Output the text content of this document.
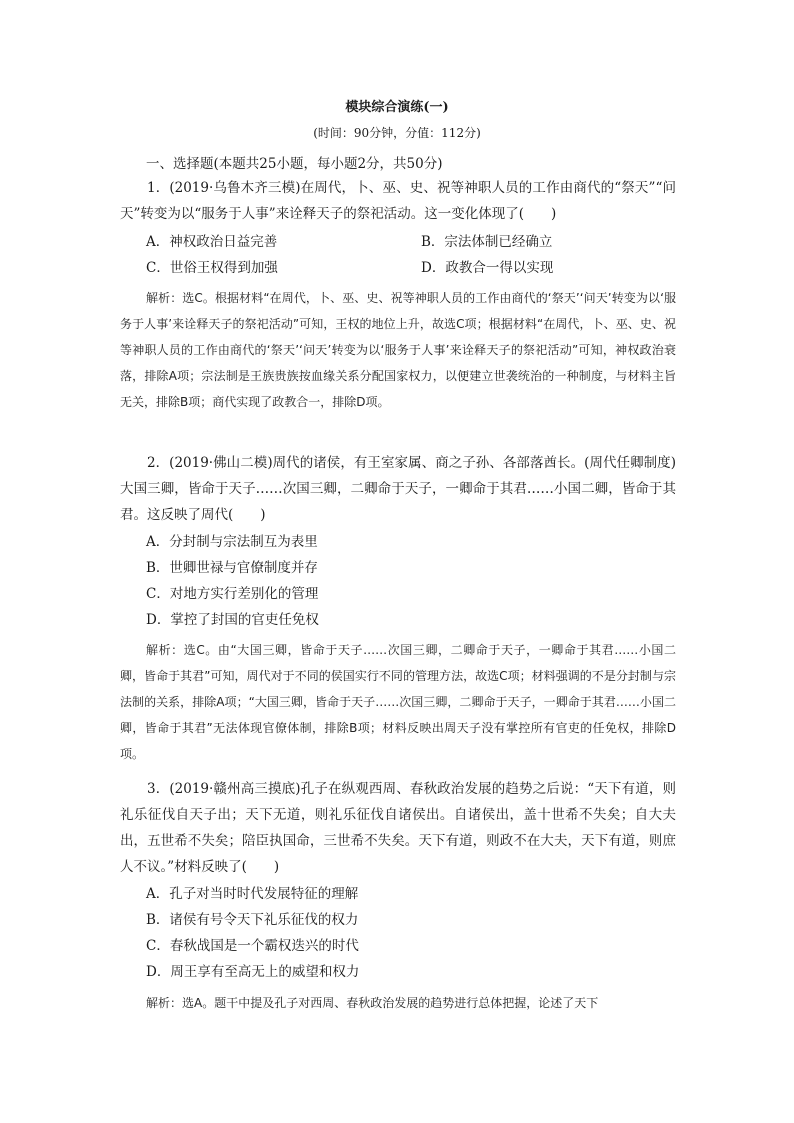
模块综合演练(一)
(时间：90分钟，分值：112分)
一、选择题(本题共25小题，每小题2分，共50分)
1．(2019·乌鲁木齐三模)在周代，卜、巫、史、祝等神职人员的工作由商代的“祭天”“问天”转变为以“服务于人事”来诠释天子的祭祀活动。这一变化体现了(　　)
A．神权政治日益完善	B．宗法体制已经确立
C．世俗王权得到加强	D．政教合一得以实现
解析：选C。根据材料“在周代，卜、巫、史、祝等神职人员的工作由商代的‘祭天’‘问天’转变为以‘服务于人事’来诠释天子的祭祀活动”可知，王权的地位上升，故选C项；根据材料“在周代，卜、巫、史、祝等神职人员的工作由商代的‘祭天’‘问天’转变为以‘服务于人事’来诠释天子的祭祀活动”可知，神权政治衰落，排除A项；宗法制是王族贵族按血缘关系分配国家权力，以便建立世袭统治的一种制度，与材料主旨无关，排除B项；商代实现了政教合一，排除D项。
2．(2019·佛山二模)周代的诸侯，有王室家属、商之子孙、各部落酋长。(周代任卿制度)大国三卿，皆命于天子……次国三卿，二卿命于天子，一卿命于其君……小国二卿，皆命于其君。这反映了周代(　　)
A．分封制与宗法制互为表里
B．世卿世禄与官僚制度并存
C．对地方实行差别化的管理
D．掌控了封国的官吏任免权
解析：选C。由“大国三卿，皆命于天子……次国三卿，二卿命于天子，一卿命于其君……小国二卿，皆命于其君”可知，周代对于不同的侯国实行不同的管理方法，故选C项；材料强调的不是分封制与宗法制的关系，排除A项；“大国三卿，皆命于天子……次国三卿，二卿命于天子，一卿命于其君……小国二卿，皆命于其君”无法体现官僚体制，排除B项；材料反映出周天子没有掌控所有官吏的任免权，排除D项。
3．(2019·赣州高三摸底)孔子在纵观西周、春秋政治发展的趋势之后说：“天下有道，则礼乐征伐自天子出；天下无道，则礼乐征伐自诸侯出。自诸侯出，盖十世希不失矣；自大夫出，五世希不失矣；陪臣执国命，三世希不失矣。天下有道，则政不在大夫，天下有道，则庶人不议。”材料反映了(　　)
A．孔子对当时时代发展特征的理解
B．诸侯有号令天下礼乐征伐的权力
C．春秋战国是一个霸权迭兴的时代
D．周王享有至高无上的威望和权力
解析：选A。题干中提及孔子对西周、春秋政治发展的趋势进行总体把握，论述了天下
